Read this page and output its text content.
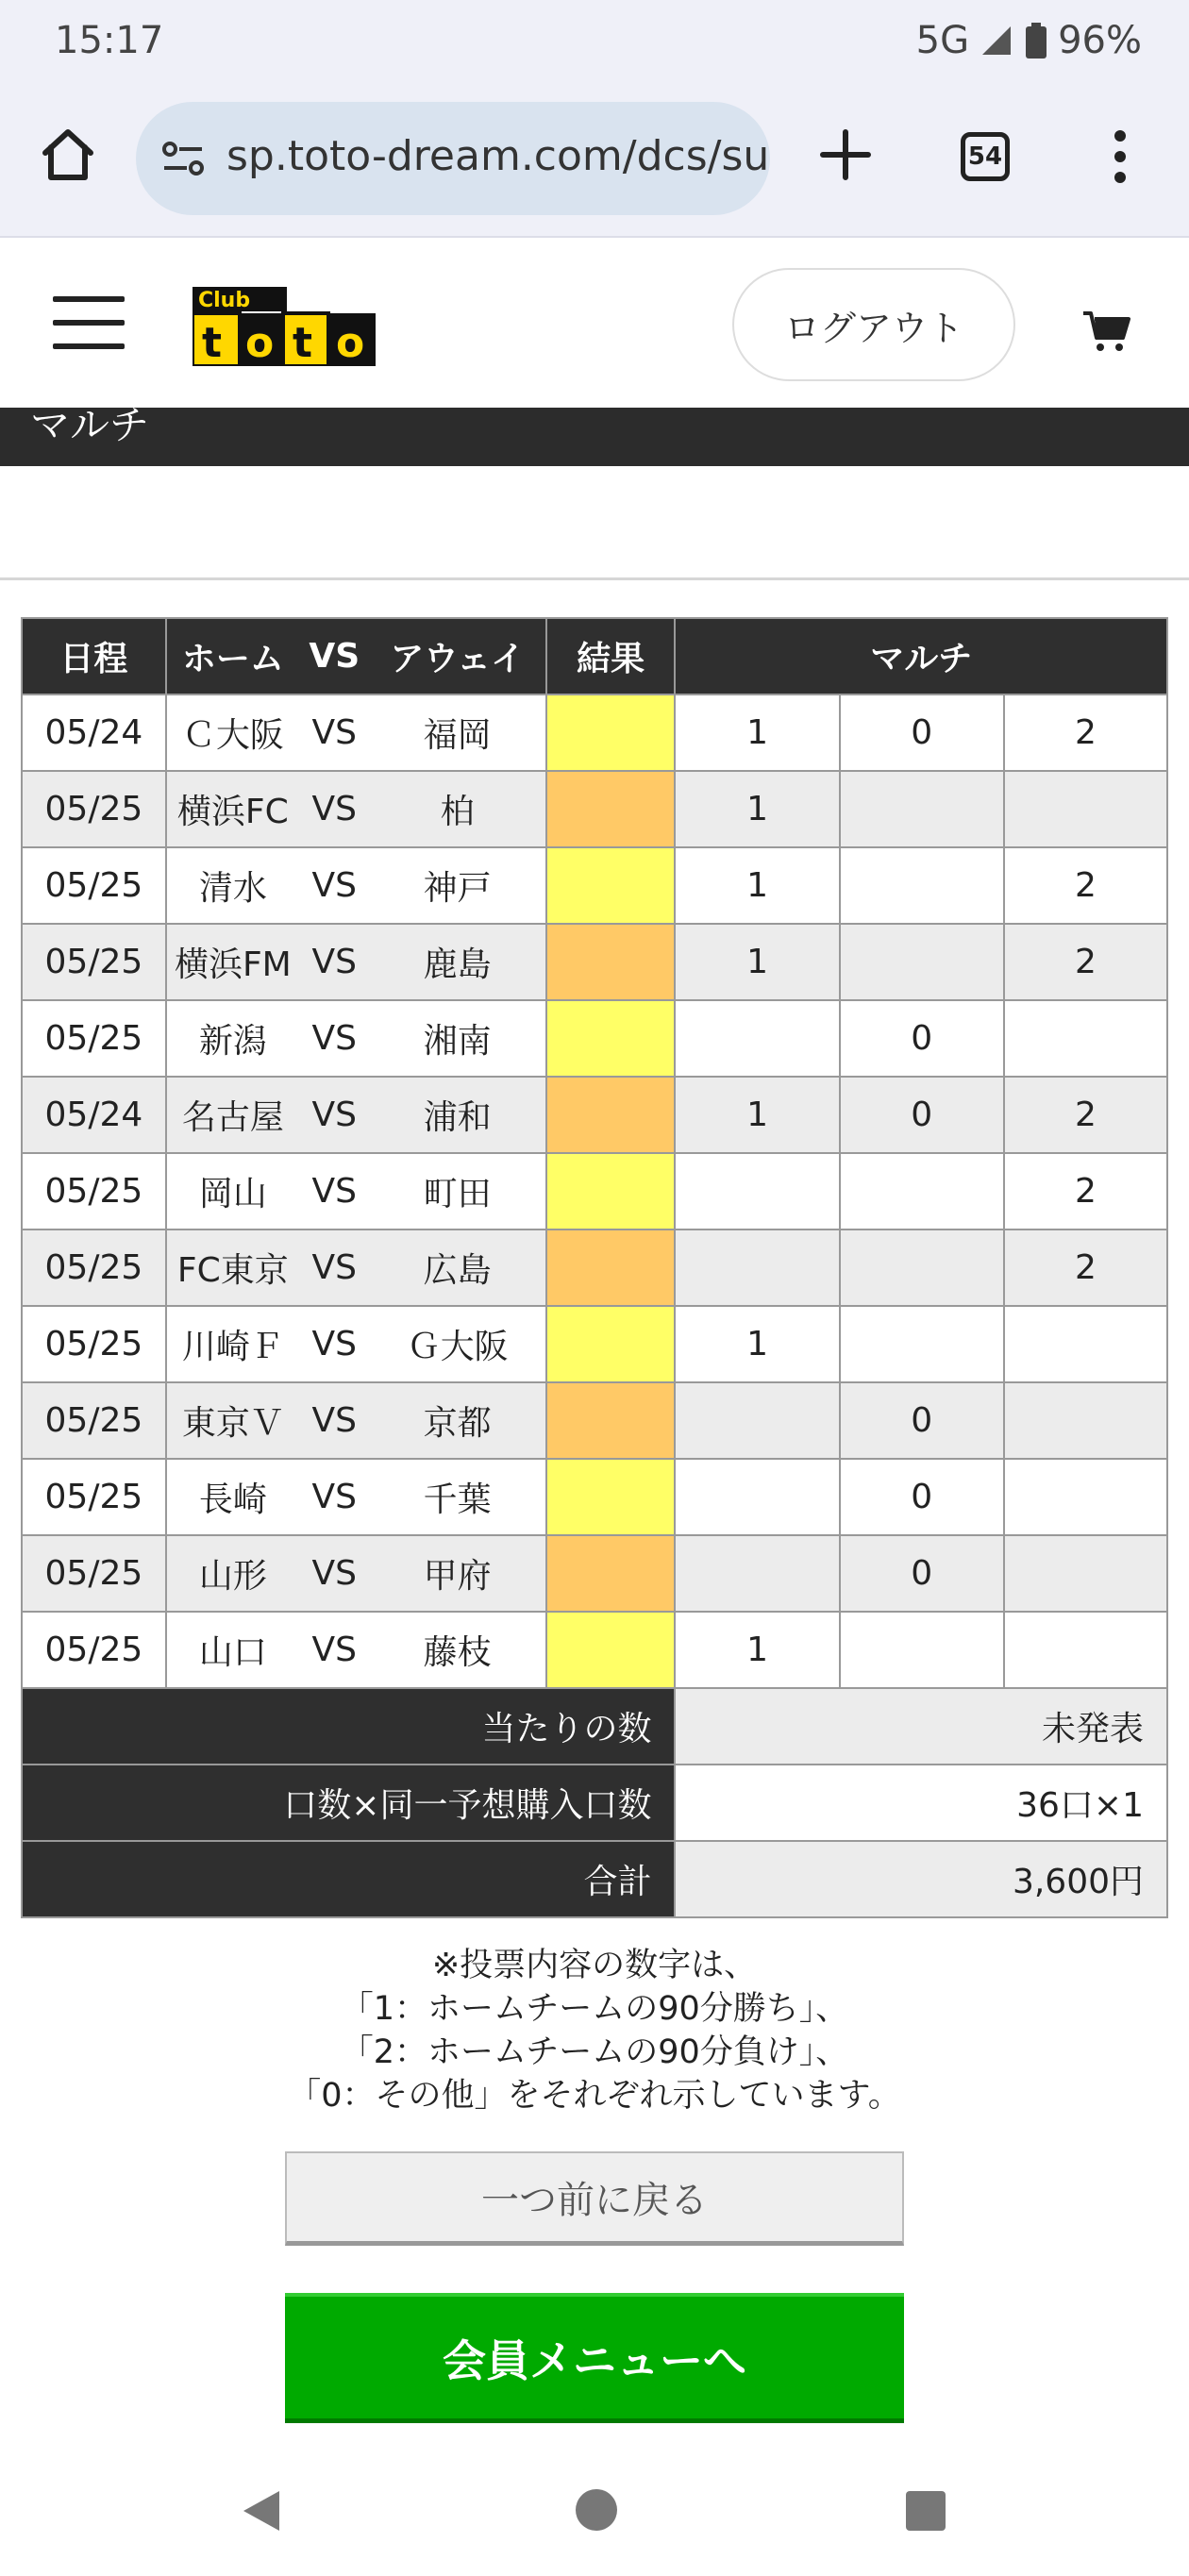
15:17	5G 96%
sp.toto-dream.com/dcs/su	54
Club
t o t o	ログアウト
マルチ
日程	ホーム	VS	アウェイ	結果	マルチ		
05/24	Ｃ大阪	VS	福岡		1	0	2
05/25	横浜FC	VS	柏		1		
05/25	清水	VS	神戸		1		2
05/25	横浜FM	VS	鹿島		1		2
05/25	新潟	VS	湘南			0	
05/24	名古屋	VS	浦和		1	0	2
05/25	岡山	VS	町田				2
05/25	FC東京	VS	広島				2
05/25	川崎Ｆ	VS	Ｇ大阪		1		
05/25	東京Ｖ	VS	京都			0	
05/25	長崎	VS	千葉			0	
05/25	山形	VS	甲府			0	
05/25	山口	VS	藤枝		1		
当たりの数					未発表		
口数×同一予想購入口数					36口×1		
合計					3,600円		
※投票内容の数字は、
「1：ホームチームの90分勝ち」、
「2：ホームチームの90分負け」、
「0：その他」をそれぞれ示しています。
一つ前に戻る
会員メニューへ
